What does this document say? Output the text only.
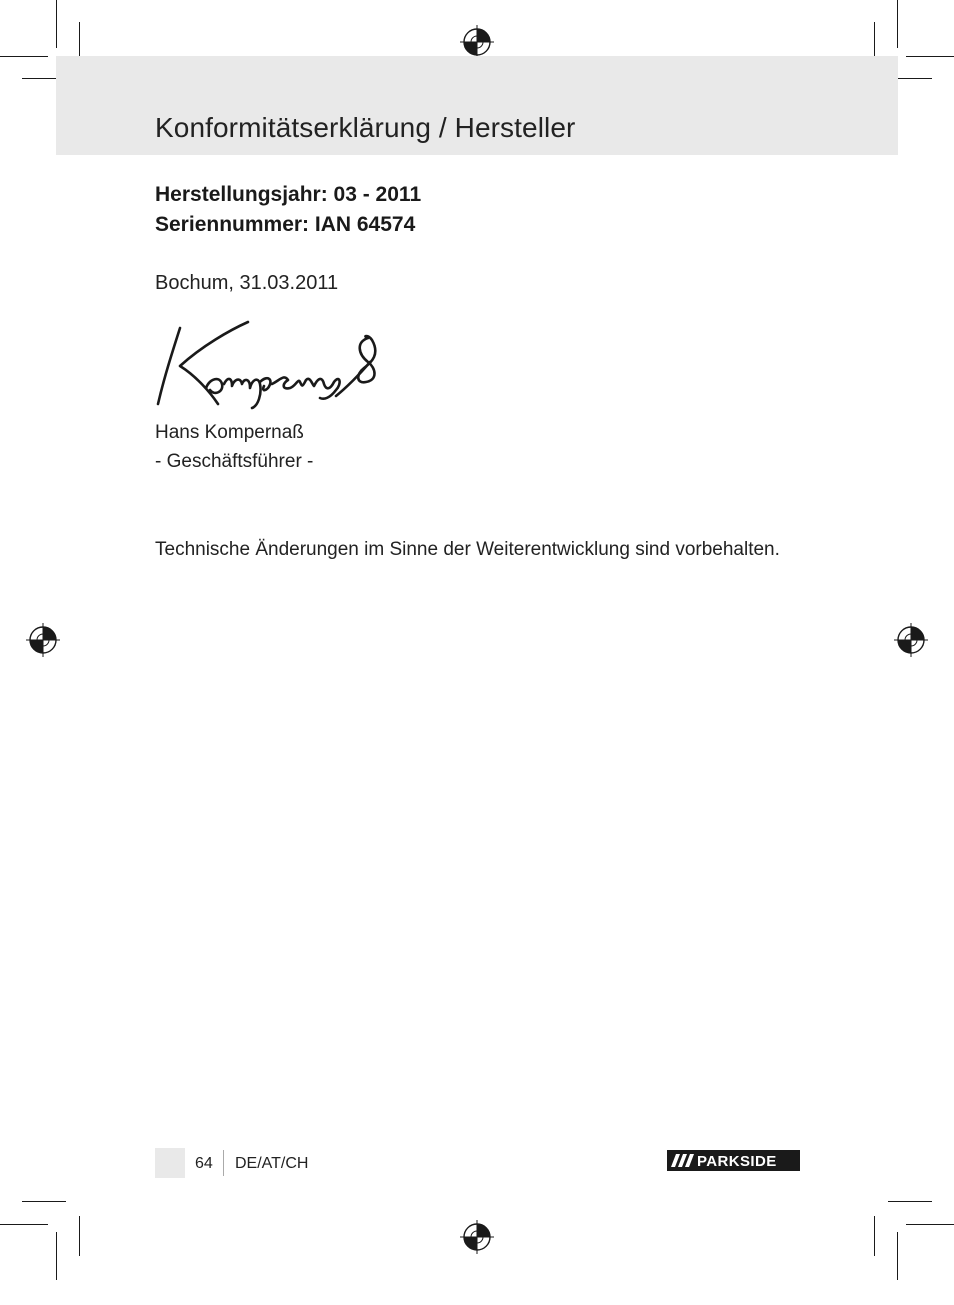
Konformitätserklärung / Hersteller
Herstellungsjahr: 03 - 2011
Seriennummer: IAN 64574
Bochum, 31.03.2011
Hans Kompernaß
- Geschäftsführer -
Technische Änderungen im Sinne der Weiterentwicklung sind vorbehalten.
64 DE/AT/CH	PARKSIDE
